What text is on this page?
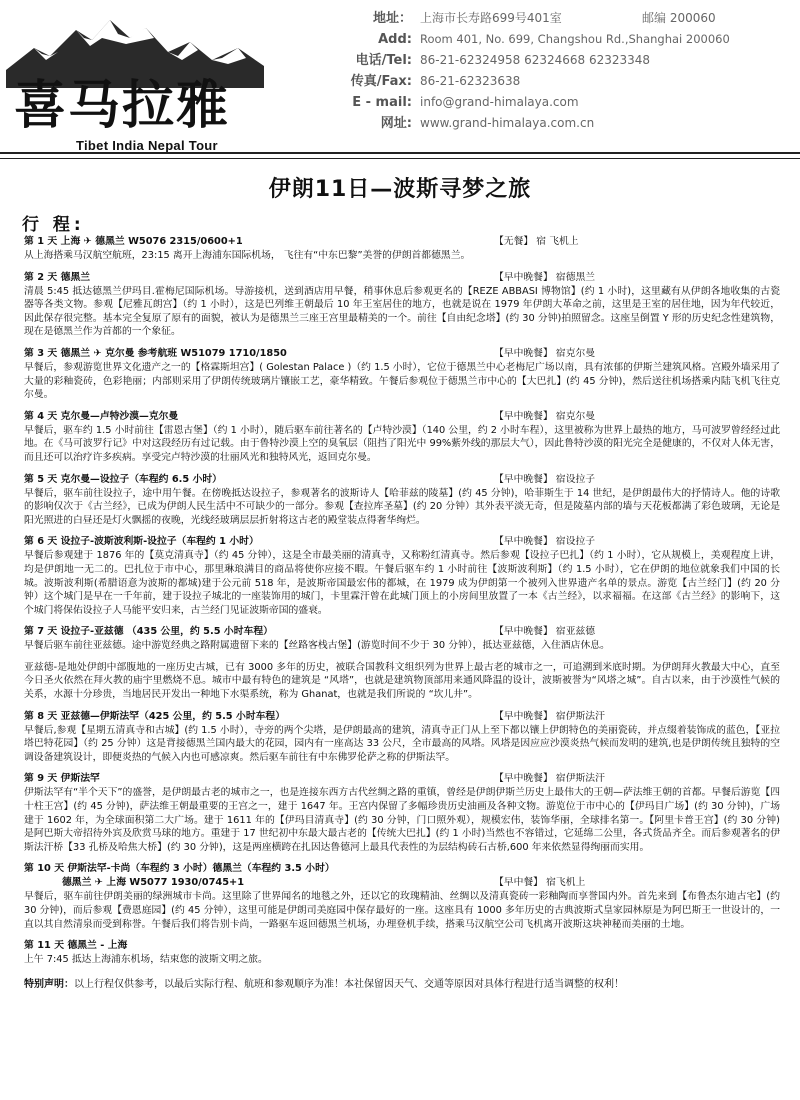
喜马拉雅
Tibet India Nepal Tour
地址： 上海市长寿路699号401室	邮编 200060
Add: Room 401, No. 699, Changshou Rd.,Shanghai 200060
电话/Tel: 86-21-62324958 62324668 62323348
传真/Fax: 86-21-62323638
E - mail: info@grand-himalaya.com
网址: www.grand-himalaya.com.cn
伊朗11日—波斯寻梦之旅
行 程:
第 1 天 上海 ✈ 德黑兰 W5076 2315/0600+1	【无餐】 宿 飞机上
从上海搭乘马汉航空航班，23:15 离开上海浦东国际机场， 飞往有“中东巴黎”美誉的伊朗首都德黑兰。
第 2 天 德黑兰	【早中晚餐】 宿德黑兰
清晨 5:45 抵达德黑兰伊玛目.霍梅尼国际机场。导游接机，送到酒店用早餐，稍事休息后参观更名的【REZE ABBASI 博物馆】(约 1 小时)，这里藏有从伊朗各地收集的古瓷器等各类文物。参观【尼雅瓦朗宫】（约 1 小时），这是巴列维王朝最后 10 年王室居住的地方，也就是说在 1979 年伊朗大革命之前，这里是王室的居住地，因为年代较近，因此保存很完整。基本完全复原了原有的面貌，被认为是德黑兰三座王宫里最精美的一个。前往【自由纪念塔】(约 30 分钟)拍照留念。这座呈倒置 Y 形的历史纪念性建筑物，现在是德黑兰作为首都的一个象征。
第 3 天 德黑兰 ✈ 克尔曼 参考航班 W51079 1710/1850	【早中晚餐】 宿克尔曼
早餐后，参观游览世界文化遗产之一的【格霖斯坦宫】( Golestan Palace )（约 1.5 小时），它位于德黑兰中心老梅尼广场以南，具有浓郁的伊斯兰建筑风格。宫殿外墙采用了大量的彩釉瓷砖，色彩艳丽；内部则采用了伊朗传统玻璃片镶嵌工艺，豪华精致。午餐后参观位于德黑兰市中心的【大巴扎】(约 45 分钟)，然后送往机场搭乘内陆飞机飞往克尔曼。
第 4 天 克尔曼—卢特沙漠—克尔曼	【早中晚餐】 宿克尔曼
早餐后，驱车约 1.5 小时前往【雷恩古堡】（约 1 小时），随后驱车前往著名的【卢特沙漠】（140 公里，约 2 小时车程），这里被称为世界上最热的地方，马可波罗曾经经过此地。在《马可波罗行记》中对这段经历有过记载。由于鲁特沙漠上空的臭氧层（阻挡了阳光中 99%紫外线的那层大气），因此鲁特沙漠的阳光完全是健康的，不仅对人体无害，而且还可以治疗许多疾病。享受完卢特沙漠的壮丽风光和独特风光，返回克尔曼。
第 5 天 克尔曼—设拉子（车程约 6.5 小时）	【早中晚餐】 宿设拉子
早餐后，驱车前往设拉子，途中用午餐。在傍晚抵达设拉子，参观著名的波斯诗人【哈菲兹的陵墓】(约 45 分钟)，哈菲斯生于 14 世纪，是伊朗最伟大的抒情诗人。他的诗歌的影响仅次于《古兰经》，已成为伊朗人民生活中不可缺少的一部分。参观【查拉库圣墓】(约 20 分钟）其外表平淡无奇，但是陵墓内部的墙与天花板都满了彩色玻璃，无论是阳光照进的白昼还是灯火飘摇的夜晚，光线经玻璃层层折射将这古老的殿堂装点得奢华绚烂。
第 6 天 设拉子-波斯波利斯-设拉子（车程约 1 小时）	【早中晚餐】 宿设拉子
早餐后参观建于 1876 年的【莫克清真寺】（约 45 分钟），这是全市最美丽的清真寺，又称粉红清真寺。然后参观【设拉子巴扎】（约 1 小时），它从规模上，美观程度上讲，均是伊朗地一无二的。巴扎位于市中心，那里琳琅满目的商品将使你应接不暇。午餐后驱车约 1 小时前往【波斯波利斯】（约 1.5 小时），它在伊朗的地位就象我们中国的长城。波斯波利斯(希腊语意为波斯的都城)建于公元前 518 年，是波斯帝国最宏伟的都城，在 1979 成为伊朗第一个被列入世界遗产名单的景点。游览【古兰经门】(约 20 分钟）这个城门是早在一千年前，建于设拉子城北的一座装饰用的城门，卡里霖汗曾在此城门顶上的小房间里放置了一本《古兰经》，以求福福。在这部《古兰经》的影响下，这个城门将保佑设拉子人马能平安归来，古兰经门见证波斯帝国的盛衰。
第 7 天 设拉子-亚兹德 （435 公里，约 5.5 小时车程）	【早中晚餐】 宿亚兹德
早餐后驱车前往亚兹德。途中游览经典之路附属遗留下来的【丝路客栈古堡】(游览时间不少于 30 分钟），抵达亚兹德，入住酒店休息。
亚兹德-是地处伊朗中部腹地的一座历史古城，已有 3000 多年的历史，被联合国教科文组织列为世界上最古老的城市之一，可追溯到米底时期。为伊朗拜火教最大中心，直至今日圣火依然在拜火教的庙宇里燃烧不息。城市中最有特色的建筑是 “风塔”，也就是建筑物顶部用来通风降温的设计，波斯被誉为“风塔之城”。自古以来，由于沙漠性气候的关系，水源十分珍贵，当地居民开发出一种地下水渠系统，称为 Ghanat，也就是我们所说的 “坎儿井”。
第 8 天 亚兹德—伊斯法罕（425 公里，约 5.5 小时车程）	【早中晚餐】 宿伊斯法汗
早餐后,参观【星期五清真寺和古城】(约 1.5 小时），寺旁的两个尖塔，是伊朗最高的建筑，清真寺正门从上至下都以镶上伊朗特色的美丽瓷砖，并点缀着装饰成的蓝色，【亚拉塔巴特花园】（约 25 分钟）这是背接德黑兰国内最大的花园，园内有一座高达 33 公尺，全市最高的风塔。风塔是因应应沙漠炎热气候而发明的建筑,也是伊朗传统且独特的空调设备建筑设计，即便炎热的气候入内也可感凉爽。然后驱车前往有中东佛罗伦萨之称的伊斯法罕。
第 9 天 伊斯法罕	【早中晚餐】 宿伊斯法汗
伊斯法罕有“半个天下”的盛誉，是伊朗最古老的城市之一，也是连接东西方古代丝绸之路的重镇，曾经是伊朗伊斯兰历史上最伟大的王朝—萨法维王朝的首都。早餐后游览【四十柱王宫】(约 45 分钟)，萨法维王朝最重要的王宫之一，建于 1647 年。王宫内保留了多幅珍贵历史油画及各种文物。游览位于市中心的【伊玛目广场】(约 30 分钟)，广场建于 1602 年，为全球面积第二大广场。建于 1611 年的【伊玛目清真寺】(约 30 分钟，门口照外观），规模宏伟，装饰华丽，全球排名第一。【阿里卡普王宫】(约 30 分钟)是阿巴斯大帝招待外宾及欣赏马球的地方。重建于 17 世纪初中东最大最古老的【传统大巴扎】(约 1 小时)当然也不容错过，它延绵二公里，各式货品齐全。而后参观著名的伊斯法汗桥【33 孔桥及哈焦大桥】(约 30 分钟)，这是两座横跨在扎因达鲁德河上最具代表性的为层结构砖石古桥,600 年来依然显得绚丽而实用。
第 10 天 伊斯法罕-卡尚（车程约 3 小时）德黑兰（车程约 3.5 小时）
德黑兰 ✈ 上海 W5077 1930/0745+1	【早中餐】 宿飞机上
早餐后，驱车前往伊朗美丽的绿洲城市卡尚。这里除了世界闻名的地毯之外，还以它的玫瑰精油、丝绸以及清真瓷砖一彩釉陶而享誉国内外。首先来到【布鲁杰尔迪古宅】(约 30 分钟)，而后参观【费恩庭园】(约 45 分钟），这里可能是伊朗司美庭园中保存最好的一座。这座具有 1000 多年历史的古典波斯式皇家园林原是为阿巴斯王一世设计的，一直以其自然清泉而受到称誉。午餐后我们将告别卡尚，一路驱车返回德黑兰机场，办理登机手续，搭乘马汉航空公司飞机离开波斯这块神秘而美丽的土地。
第 11 天 德黑兰 - 上海
上午 7:45 抵达上海浦东机场，结束您的波斯文明之旅。
特别声明：以上行程仅供参考，以最后实际行程、航班和参观顺序为准！本社保留因天气、交通等原因对具体行程进行适当调整的权利！
